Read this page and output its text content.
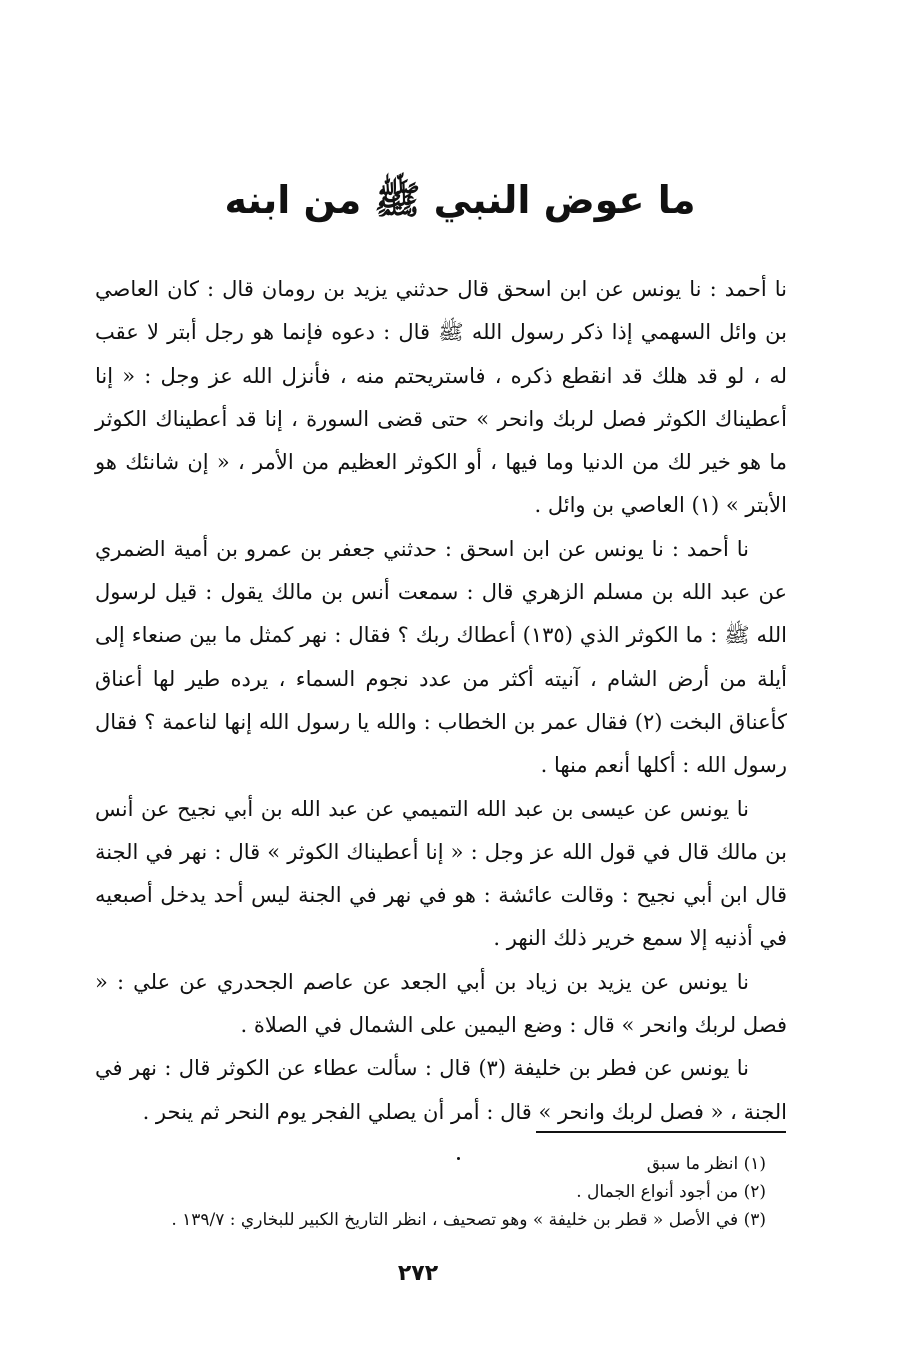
ما عوض النبي ﷺ من ابنه

نا أحمد : نا يونس عن ابن اسحق قال حدثني يزيد بن رومان قال : كان العاصي بن وائل السهمي إذا ذكر رسول الله ﷺ قال : دعوه فإنما هو رجل أبتر لا عقب له ، لو قد هلك قد انقطع ذكره ، فاستريحتم منه ، فأنزل الله عز وجل : « إنا أعطيناك الكوثر فصل لربك وانحر » حتى قضى السورة ، إنا قد أعطيناك الكوثر ما هو خير لك من الدنيا وما فيها ، أو الكوثر العظيم من الأمر ، « إن شانئك هو الأبتر » (١) العاصي بن وائل .

نا أحمد : نا يونس عن ابن اسحق : حدثني جعفر بن عمرو بن أمية الضمري عن عبد الله بن مسلم الزهري قال : سمعت أنس بن مالك يقول : قيل لرسول الله ﷺ : ما الكوثر الذي (١٣٥) أعطاك ربك ؟ فقال : نهر كمثل ما بين صنعاء إلى أيلة من أرض الشام ، آنيته أكثر من عدد نجوم السماء ، يرده طير لها أعناق كأعناق البخت (٢) فقال عمر بن الخطاب : والله يا رسول الله إنها لناعمة ؟ فقال رسول الله : أكلها أنعم منها .

نا يونس عن عيسى بن عبد الله التميمي عن عبد الله بن أبي نجيح عن أنس بن مالك قال في قول الله عز وجل : « إنا أعطيناك الكوثر » قال : نهر في الجنة قال ابن أبي نجيح : وقالت عائشة : هو في نهر في الجنة ليس أحد يدخل أصبعيه في أذنيه إلا سمع خرير ذلك النهر .

نا يونس عن يزيد بن زياد بن أبي الجعد عن عاصم الجحدري عن علي : « فصل لربك وانحر » قال : وضع اليمين على الشمال في الصلاة .

نا يونس عن فطر بن خليفة (٣) قال : سألت عطاء عن الكوثر قال : نهر في الجنة ، « فصل لربك وانحر » قال : أمر أن يصلي الفجر يوم النحر ثم ينحر .

(١) انظر ما سبق

(٢) من أجود أنواع الجمال .

(٣) في الأصل « قطر بن خليفة » وهو تصحيف ، انظر التاريخ الكبير للبخاري : ١٣٩/٧ .

٢٧٢
